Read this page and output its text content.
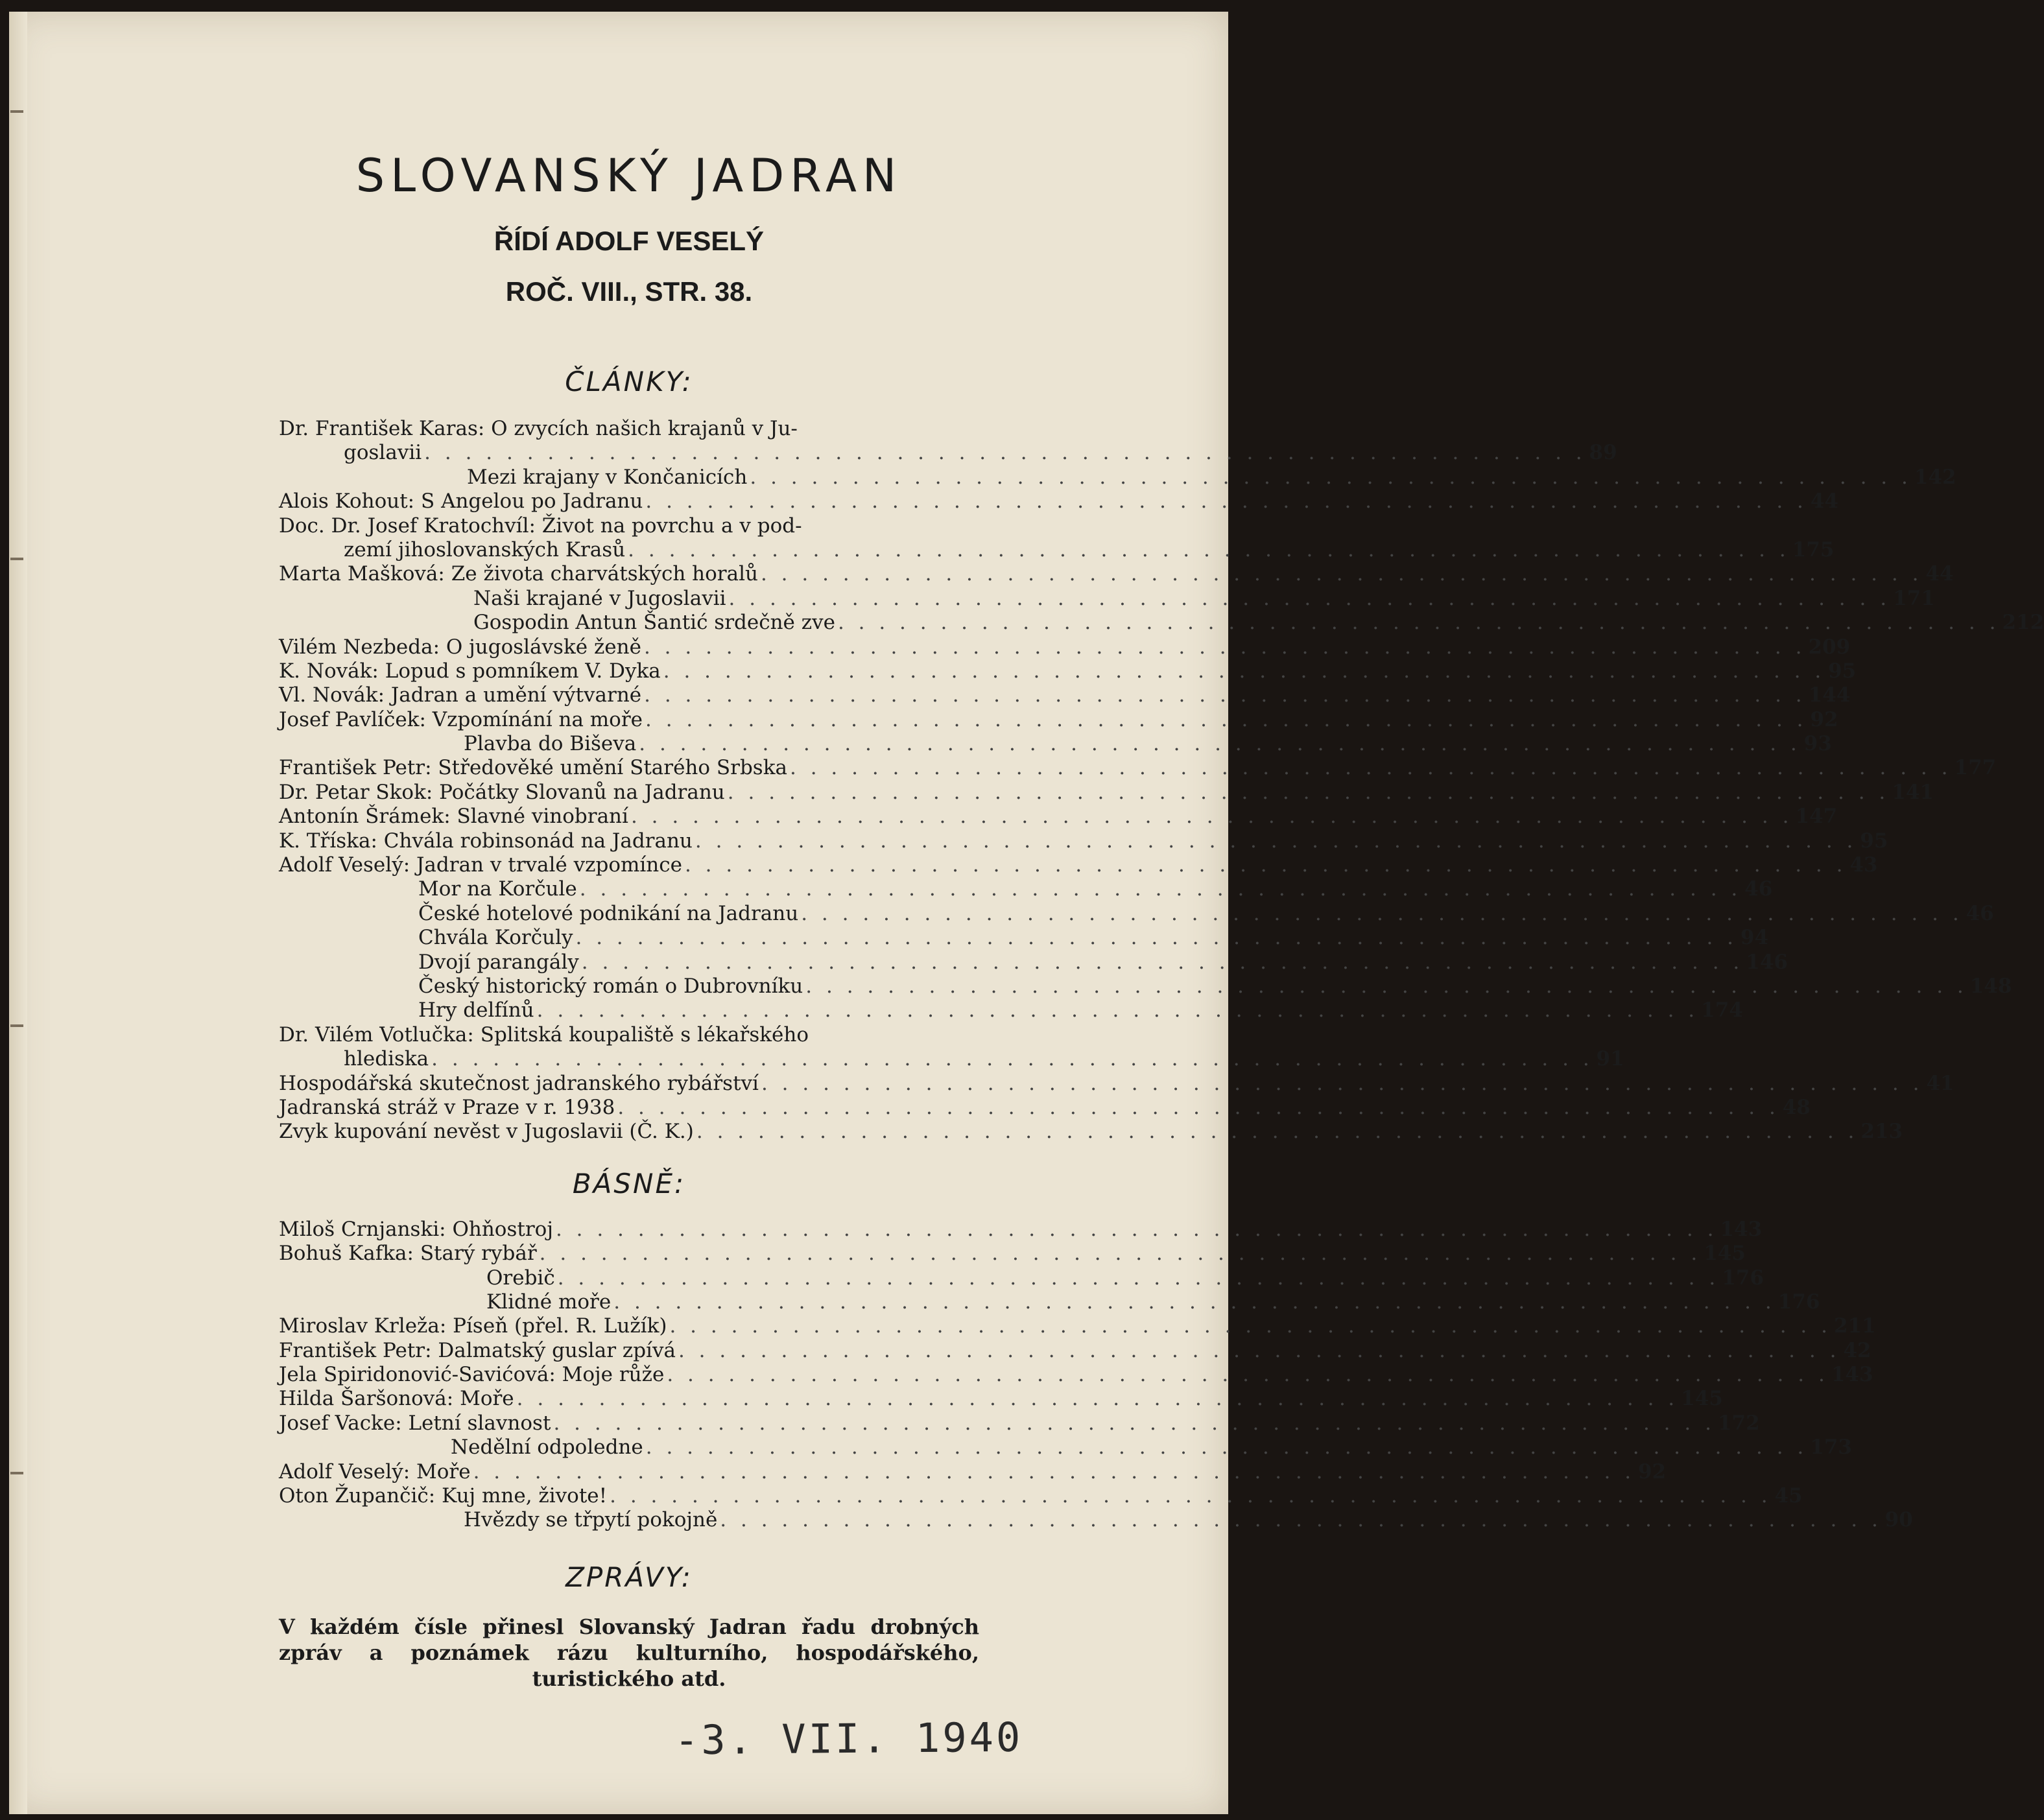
SLOVANSKÝ JADRAN
ŘÍDÍ ADOLF VESELÝ
ROČ. VIII., STR. 38.
ČLÁNKY:
Dr. František Karas: O zvycích našich krajanů v Ju-
goslavii . . .	89
Mezi krajany v Končanicích . . .	142
Alois Kohout: S Angelou po Jadranu . . .	44
Doc. Dr. Josef Kratochvíl: Život na povrchu a v pod-
zemí jihoslovanských Krasů . . .	175
Marta Mašková: Ze života charvátských horalů . . .	44
Naši krajané v Jugoslavii . . .	171
Gospodin Antun Šantić srdečně zve . . .	212
Vilém Nezbeda: O jugoslávské ženě . . .	209
K. Novák: Lopud s pomníkem V. Dyka . . .	95
Vl. Novák: Jadran a umění výtvarné . . .	144
Josef Pavlíček: Vzpomínání na moře . . .	92
Plavba do Biševa . . .	93
František Petr: Středověké umění Starého Srbska . . .	177
Dr. Petar Skok: Počátky Slovanů na Jadranu . . .	141
Antonín Šrámek: Slavné vinobraní . . .	147
K. Tříska: Chvála robinsonád na Jadranu . . .	95
Adolf Veselý: Jadran v trvalé vzpomínce . . .	43
Mor na Korčule . . .	46
České hotelové podnikání na Jadranu . . .	46
Chvála Korčuly . . .	94
Dvojí parangály . . .	146
Český historický román o Dubrovníku . . .	148
Hry delfínů . . .	174
Dr. Vilém Votlučka: Splitská koupaliště s lékařského
hlediska . . .	91
Hospodářská skutečnost jadranského rybářství . . .	41
Jadranská stráž v Praze v r. 1938 . . .	48
Zvyk kupování nevěst v Jugoslavii (Č. K.) . . .	213
BÁSNĚ:
Miloš Crnjanski: Ohňostroj . . .	143
Bohuš Kafka: Starý rybář . . .	145
Orebič . . .	176
Klidné moře . . .	176
Miroslav Krleža: Píseň (přel. R. Lužík) . . .	211
František Petr: Dalmatský guslar zpívá . . .	42
Jela Spiridonović-Savićová: Moje růže . . .	143
Hilda Šaršonová: Moře . . .	145
Josef Vacke: Letní slavnost . . .	172
Nedělní odpoledne . . .	173
Adolf Veselý: Moře . . .	92
Oton Župančič: Kuj mne, živote! . . .	45
Hvězdy se třpytí pokojně . . .	90
ZPRÁVY:

V každém čísle přinesl Slovanský Jadran řadu drobných zpráv a poznámek rázu kulturního, hospodářského, turistického atd.

-3. VII. 1940
